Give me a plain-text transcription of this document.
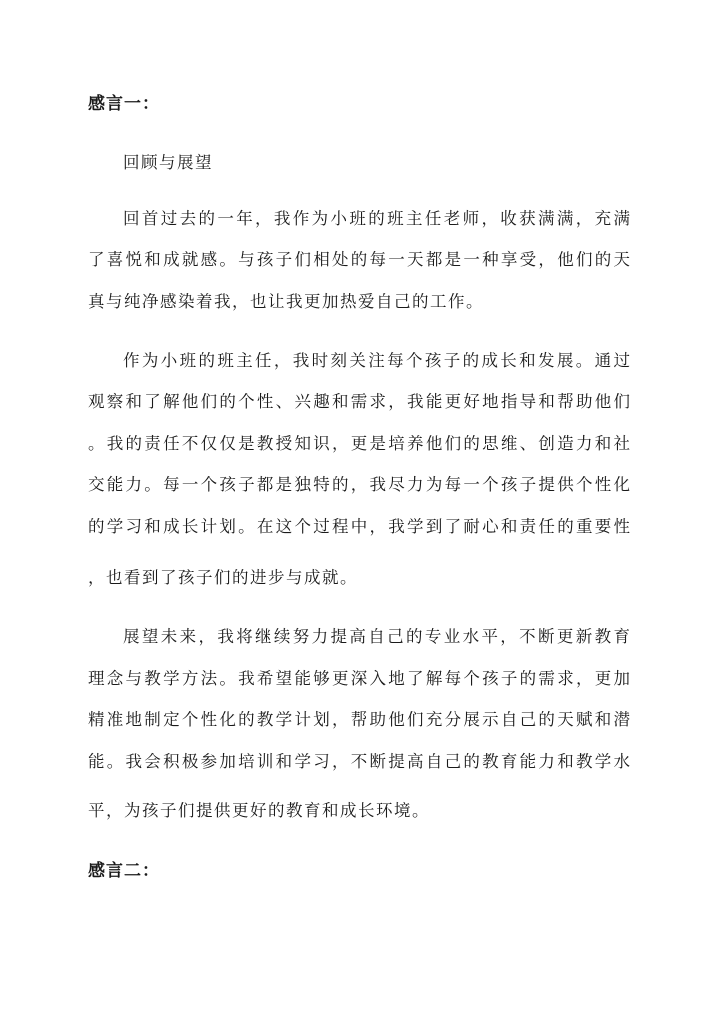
感言一：
回顾与展望
回首过去的一年，我作为小班的班主任老师，收获满满，充满
了喜悦和成就感。与孩子们相处的每一天都是一种享受，他们的天
真与纯净感染着我，也让我更加热爱自己的工作。
作为小班的班主任，我时刻关注每个孩子的成长和发展。通过
观察和了解他们的个性、兴趣和需求，我能更好地指导和帮助他们
。我的责任不仅仅是教授知识，更是培养他们的思维、创造力和社
交能力。每一个孩子都是独特的，我尽力为每一个孩子提供个性化
的学习和成长计划。在这个过程中，我学到了耐心和责任的重要性
，也看到了孩子们的进步与成就。
展望未来，我将继续努力提高自己的专业水平，不断更新教育
理念与教学方法。我希望能够更深入地了解每个孩子的需求，更加
精准地制定个性化的教学计划，帮助他们充分展示自己的天赋和潜
能。我会积极参加培训和学习，不断提高自己的教育能力和教学水
平，为孩子们提供更好的教育和成长环境。
感言二：
